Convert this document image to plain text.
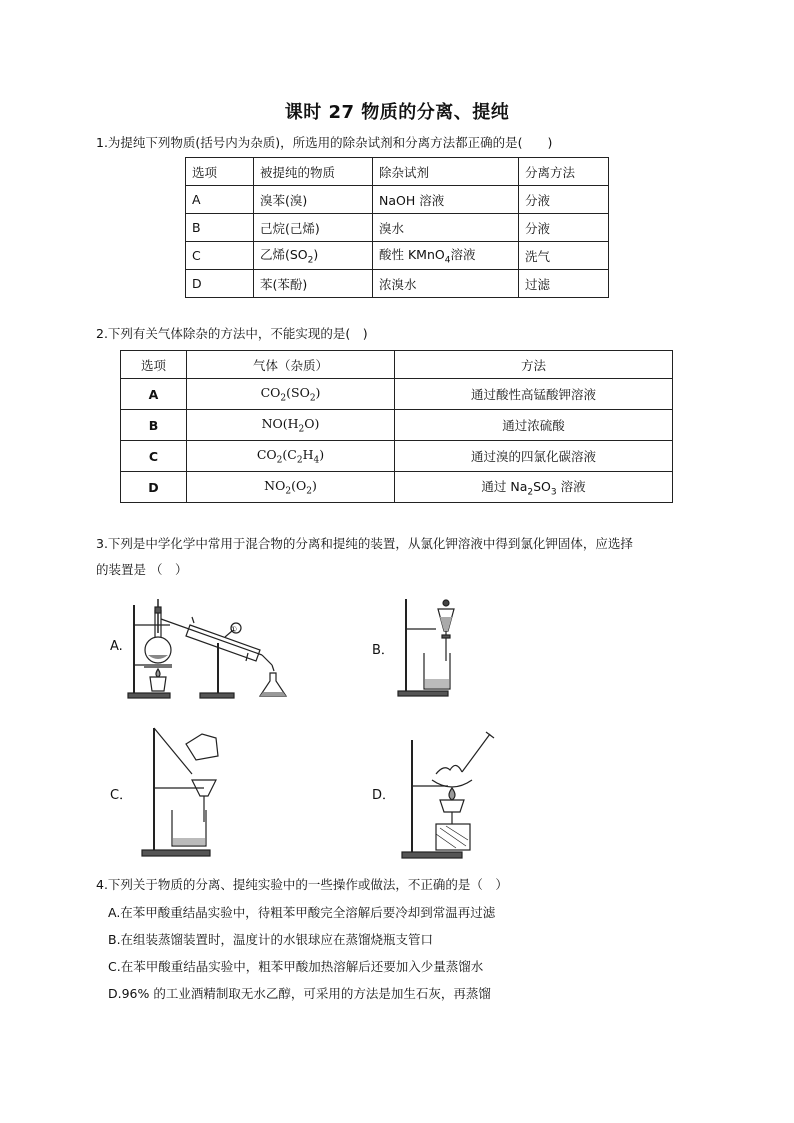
课时 27 物质的分离、提纯
1.为提纯下列物质(括号内为杂质)，所选用的除杂试剂和分离方法都正确的是(　　)
选项	被提纯的物质	除杂试剂	分离方法
A	溴苯(溴)	NaOH 溶液	分液
B	己烷(己烯)	溴水	分液
C	乙烯$(SO_2)$	酸性 KMnO$_4$溶液	洗气
D	苯(苯酚)	浓溴水	过滤
2.下列有关气体除杂的方法中，不能实现的是(　)
选项	气体（杂质）	方法
A	$CO_2(SO_2)$	通过酸性高锰酸钾溶液
B	$NO(H_2O)$	通过浓硫酸
C	$CO_2(C_2H_4)$	通过溴的四氯化碳溶液
D	$NO_2(O_2)$	通过 $Na_2SO_3$ 溶液
3.下列是中学化学中常用于混合物的分离和提纯的装置，从氯化钾溶液中得到氯化钾固体，应选择
的装置是 （　）
A.	B．
C．	D．
①
4.下列关于物质的分离、提纯实验中的一些操作或做法，不正确的是（　）
A.在苯甲酸重结晶实验中，待粗苯甲酸完全溶解后要冷却到常温再过滤
B.在组装蒸馏装置时，温度计的水银球应在蒸馏烧瓶支管口
C.在苯甲酸重结晶实验中，粗苯甲酸加热溶解后还要加入少量蒸馏水
D.96% 的工业酒精制取无水乙醇，可采用的方法是加生石灰，再蒸馏
